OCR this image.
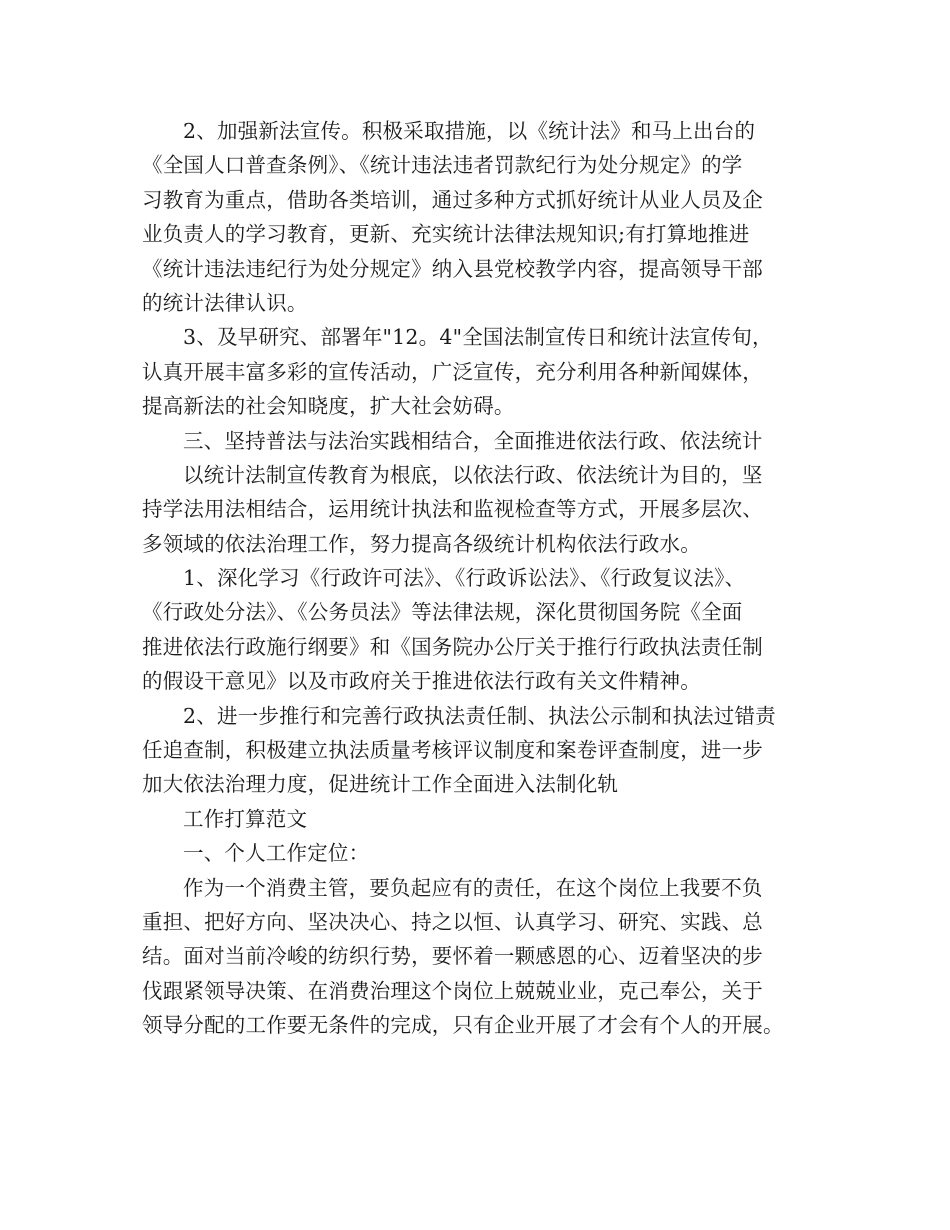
2、加强新法宣传。积极采取措施，以《统计法》和马上出台的
《全国人口普查条例》、《统计违法违者罚款纪行为处分规定》的学
习教育为重点，借助各类培训，通过多种方式抓好统计从业人员及企
业负责人的学习教育，更新、充实统计法律法规知识;有打算地推进
《统计违法违纪行为处分规定》纳入县党校教学内容，提高领导干部
的统计法律认识。
3、及早研究、部署年"12。4"全国法制宣传日和统计法宣传旬，
认真开展丰富多彩的宣传活动，广泛宣传，充分利用各种新闻媒体，
提高新法的社会知晓度，扩大社会妨碍。
三、坚持普法与法治实践相结合，全面推进依法行政、依法统计
以统计法制宣传教育为根底，以依法行政、依法统计为目的，坚
持学法用法相结合，运用统计执法和监视检查等方式，开展多层次、
多领域的依法治理工作，努力提高各级统计机构依法行政水。
1、深化学习《行政许可法》、《行政诉讼法》、《行政复议法》、
《行政处分法》、《公务员法》等法律法规，深化贯彻国务院《全面
推进依法行政施行纲要》和《国务院办公厅关于推行行政执法责任制
的假设干意见》以及市政府关于推进依法行政有关文件精神。
2、进一步推行和完善行政执法责任制、执法公示制和执法过错责
任追查制，积极建立执法质量考核评议制度和案卷评查制度，进一步
加大依法治理力度，促进统计工作全面进入法制化轨
工作打算范文
一、个人工作定位：
作为一个消费主管，要负起应有的责任，在这个岗位上我要不负
重担、把好方向、坚决决心、持之以恒、认真学习、研究、实践、总
结。面对当前冷峻的纺织行势，要怀着一颗感恩的心、迈着坚决的步
伐跟紧领导决策、在消费治理这个岗位上兢兢业业，克己奉公，关于
领导分配的工作要无条件的完成，只有企业开展了才会有个人的开展。
